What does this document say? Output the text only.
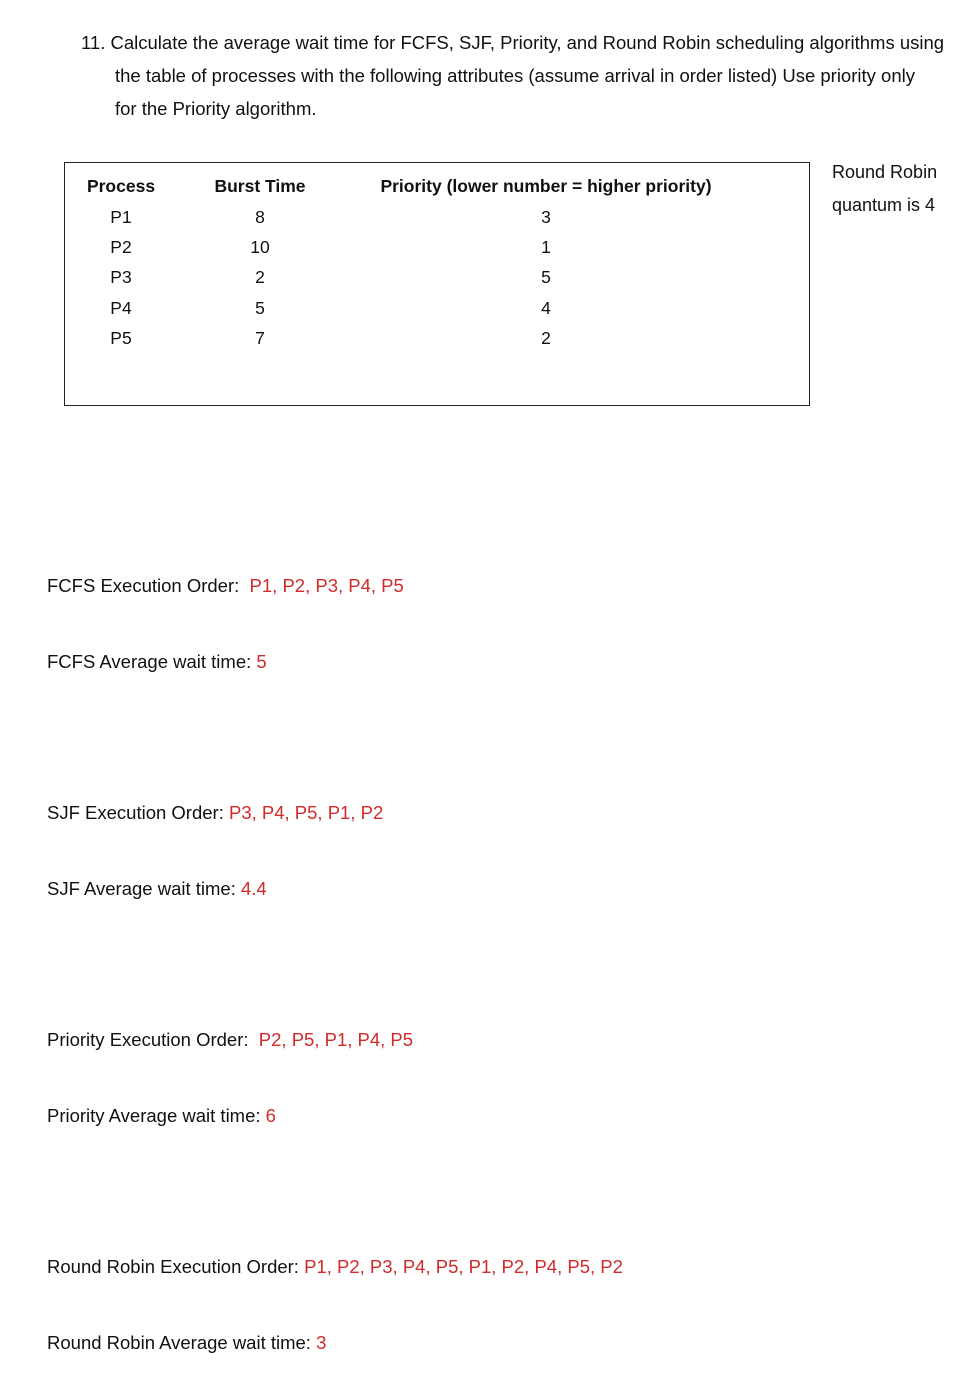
11. Calculate the average wait time for FCFS, SJF, Priority, and Round Robin scheduling algorithms using
the table of processes with the following attributes (assume arrival in order listed) Use priority only
for the Priority algorithm.
Process	Burst Time	Priority (lower number = higher priority)
P1	8	3
P2	10	1
P3	2	5
P4	5	4
P5	7	2
Round Robin
quantum is 4
FCFS Execution Order: P1, P2, P3, P4, P5
FCFS Average wait time: 5
SJF Execution Order: P3, P4, P5, P1, P2
SJF Average wait time: 4.4
Priority Execution Order: P2, P5, P1, P4, P5
Priority Average wait time: 6
Round Robin Execution Order: P1, P2, P3, P4, P5, P1, P2, P4, P5, P2
Round Robin Average wait time: 3
